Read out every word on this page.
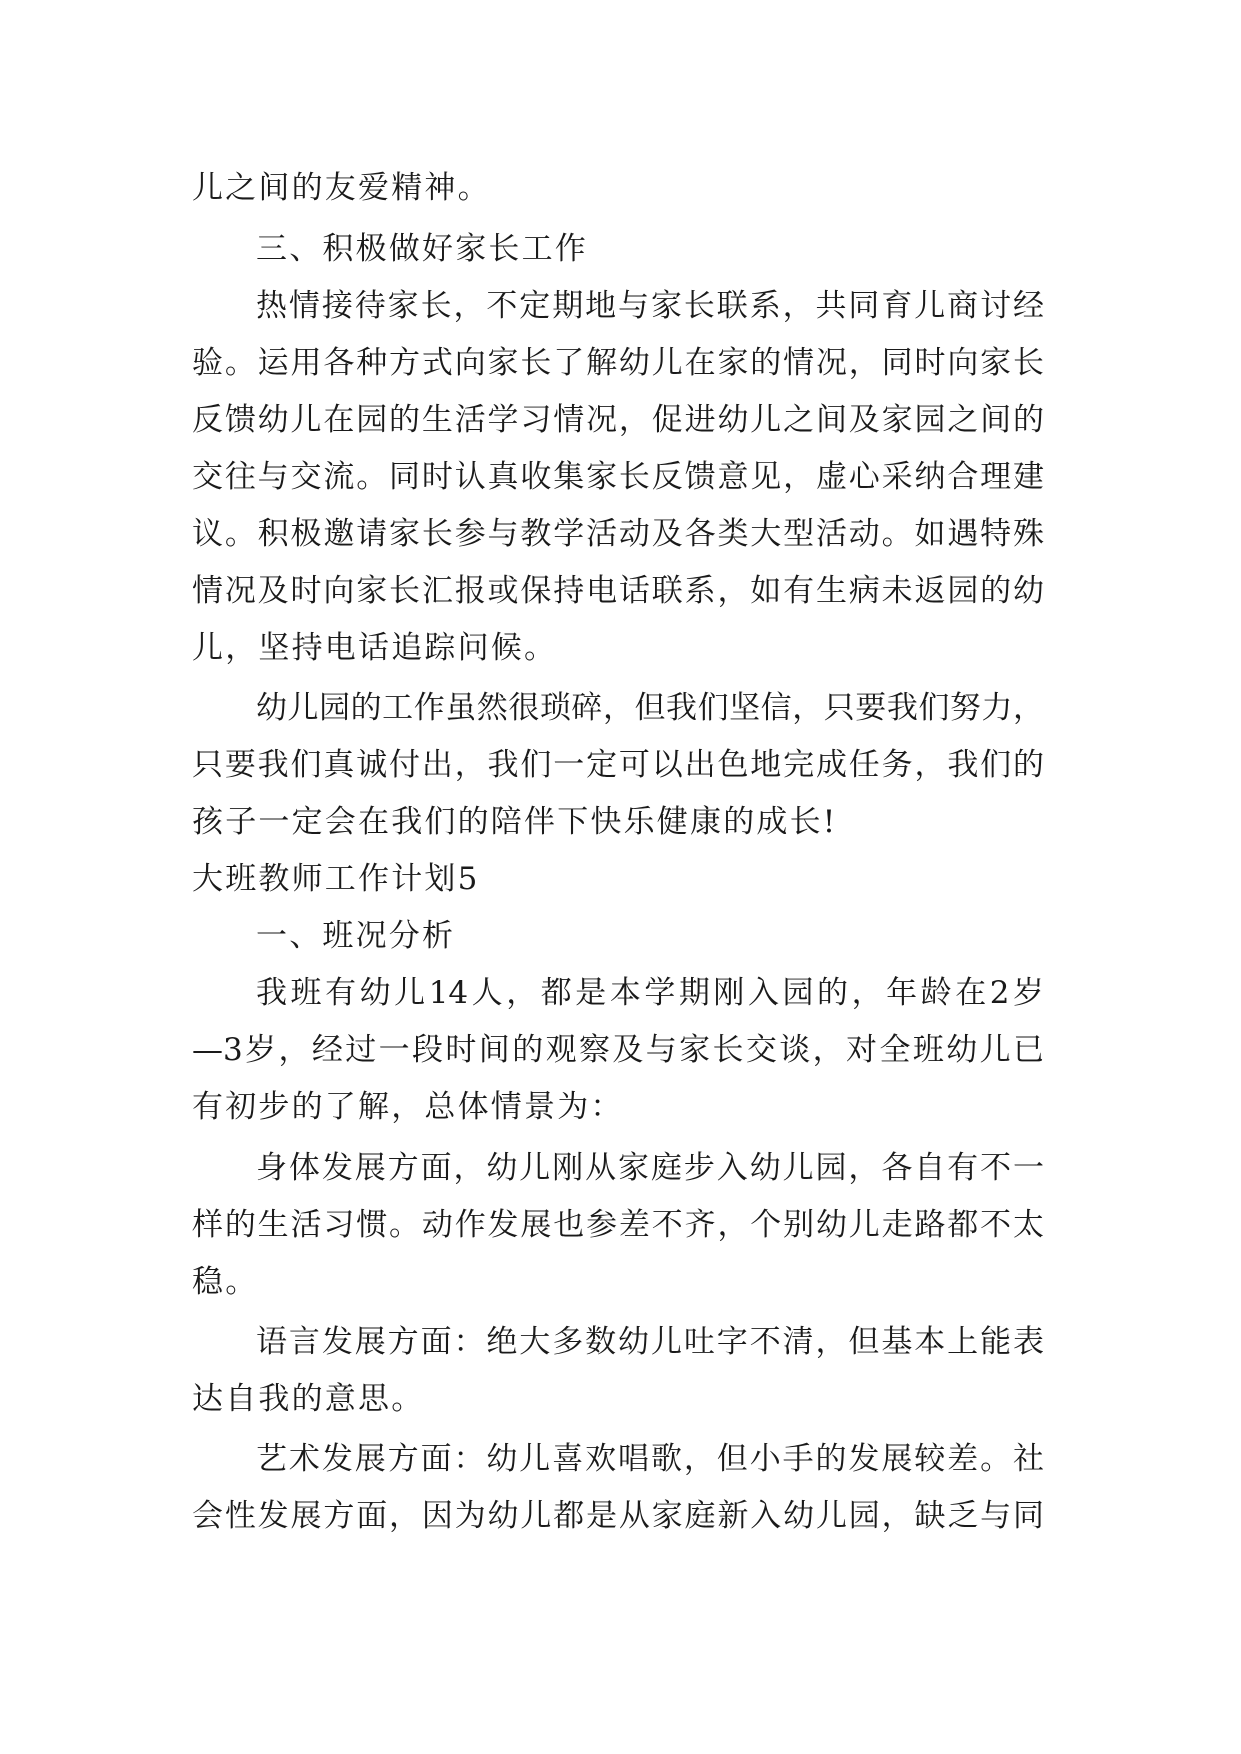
儿之间的友爱精神。
三、积极做好家长工作
热情接待家长，不定期地与家长联系，共同育儿商讨经
验。运用各种方式向家长了解幼儿在家的情况，同时向家长
反馈幼儿在园的生活学习情况，促进幼儿之间及家园之间的
交往与交流。同时认真收集家长反馈意见，虚心采纳合理建
议。积极邀请家长参与教学活动及各类大型活动。如遇特殊
情况及时向家长汇报或保持电话联系，如有生病未返园的幼
儿，坚持电话追踪问候。
幼儿园的工作虽然很琐碎，但我们坚信，只要我们努力，
只要我们真诚付出，我们一定可以出色地完成任务，我们的
孩子一定会在我们的陪伴下快乐健康的成长!
大班教师工作计划5
一、班况分析
我班有幼儿14人，都是本学期刚入园的，年龄在2岁
—3岁，经过一段时间的观察及与家长交谈，对全班幼儿已
有初步的了解，总体情景为：
身体发展方面，幼儿刚从家庭步入幼儿园，各自有不一
样的生活习惯。动作发展也参差不齐，个别幼儿走路都不太
稳。
语言发展方面：绝大多数幼儿吐字不清，但基本上能表
达自我的意思。
艺术发展方面：幼儿喜欢唱歌，但小手的发展较差。社
会性发展方面，因为幼儿都是从家庭新入幼儿园，缺乏与同
